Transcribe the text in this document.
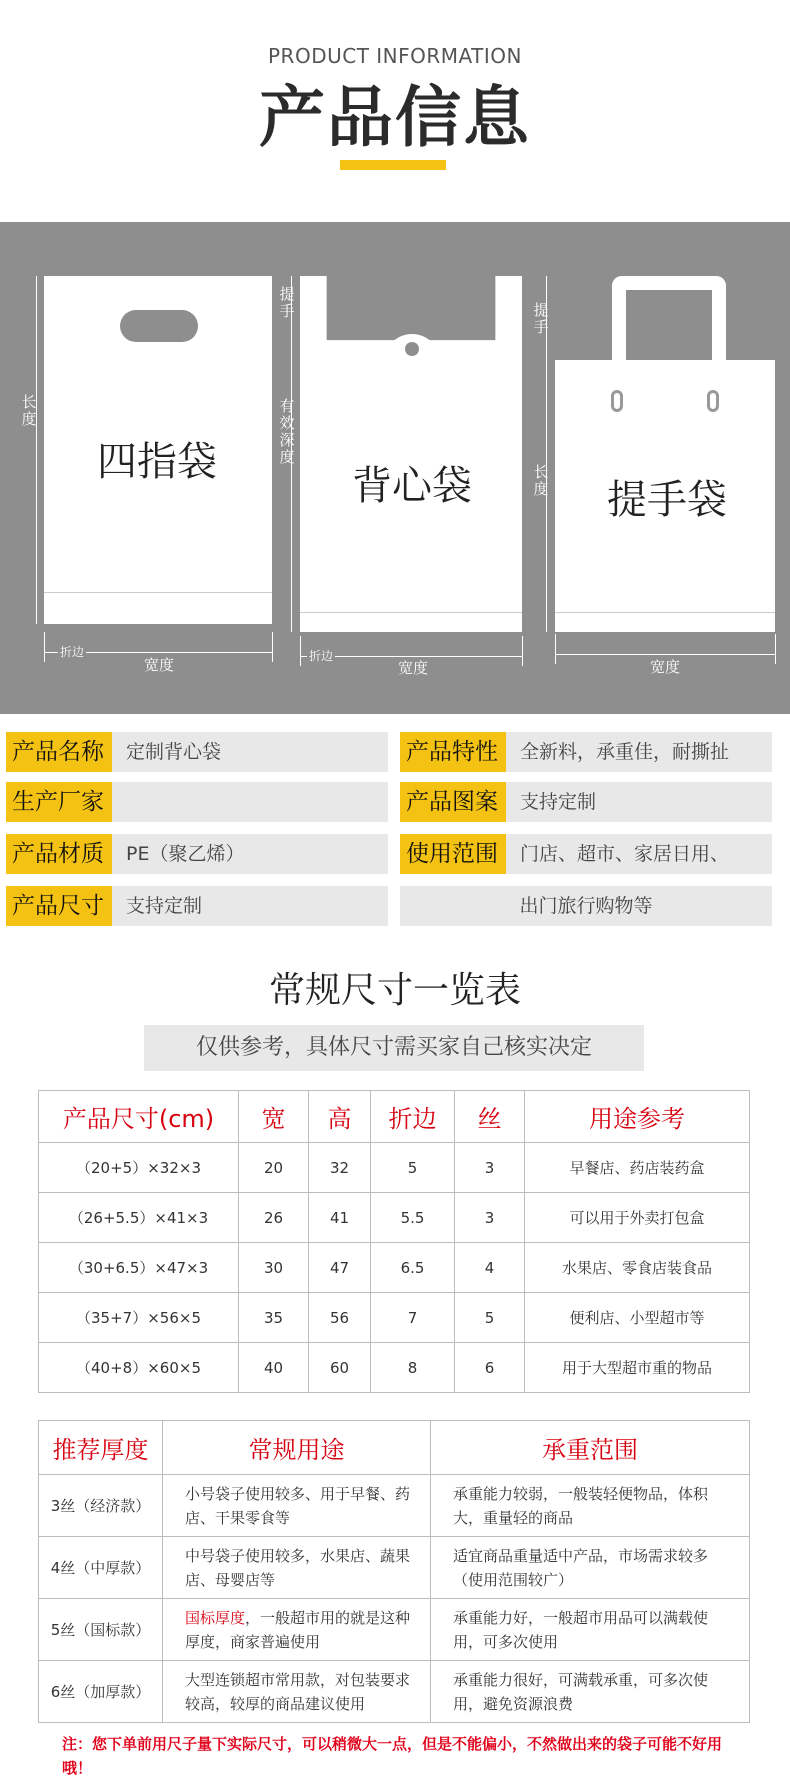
PRODUCT INFORMATION
产品信息
四指袋
长度
折边
宽度
背心袋
提手
有效深度
折边
宽度
提手袋
提手
长度
宽度
产品名称	定制背心袋
生产厂家
产品材质	PE（聚乙烯）
产品尺寸	支持定制
产品特性	全新料，承重佳，耐撕扯
产品图案	支持定制
使用范围	门店、超市、家居日用、
出门旅行购物等
常规尺寸一览表
仅供参考，具体尺寸需买家自己核实决定
产品尺寸(cm)	宽	高	折边	丝	用途参考
（20+5）×32×3	20	32	5	3	早餐店、药店装药盒
（26+5.5）×41×3	26	41	5.5	3	可以用于外卖打包盒
（30+6.5）×47×3	30	47	6.5	4	水果店、零食店装食品
（35+7）×56×5	35	56	7	5	便利店、小型超市等
（40+8）×60×5	40	60	8	6	用于大型超市重的物品
推荐厚度	常规用途	承重范围
3丝（经济款）	小号袋子使用较多、用于早餐、药店、干果零食等	承重能力较弱，一般装轻便物品，体积大，重量轻的商品
4丝（中厚款）	中号袋子使用较多，水果店、蔬果店、母婴店等	适宜商品重量适中产品，市场需求较多（使用范围较广）
5丝（国标款）	国标厚度，一般超市用的就是这种厚度，商家普遍使用	承重能力好，一般超市用品可以满载使用，可多次使用
6丝（加厚款）	大型连锁超市常用款，对包装要求较高，较厚的商品建议使用	承重能力很好，可满载承重，可多次使用，避免资源浪费
注：您下单前用尺子量下实际尺寸，可以稍微大一点，但是不能偏小，不然做出来的袋子可能不好用哦！
